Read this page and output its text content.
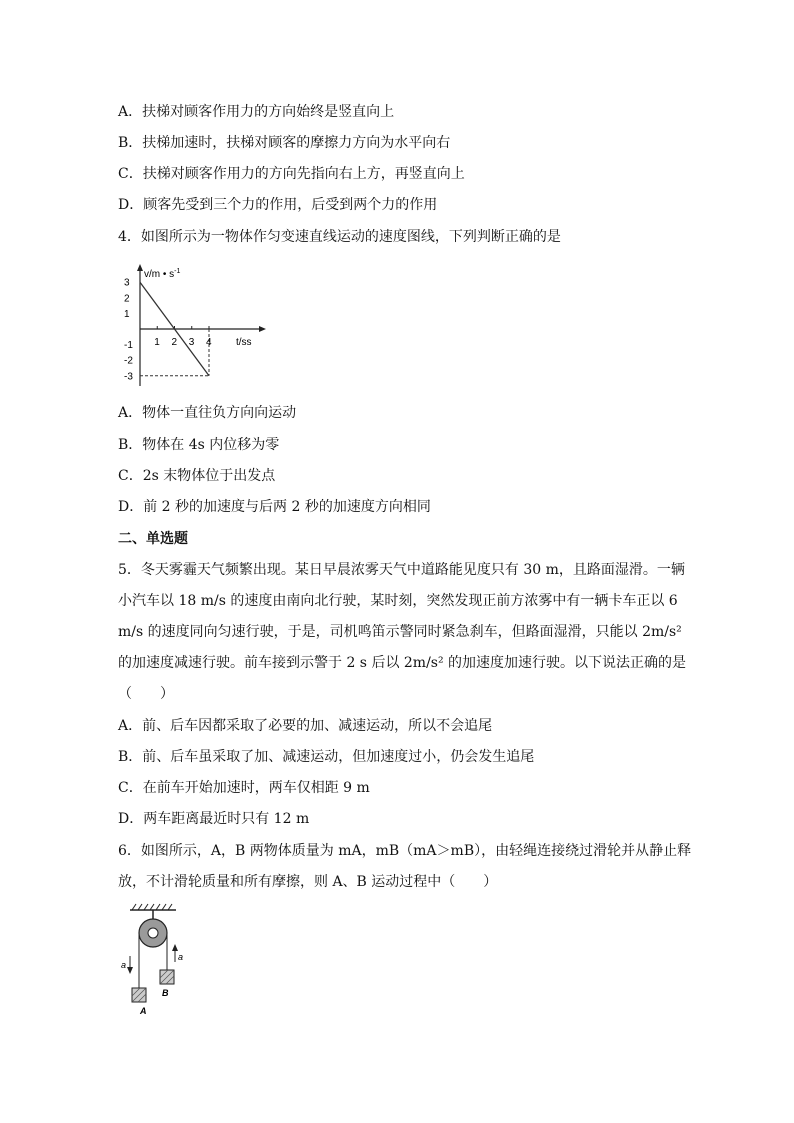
A．扶梯对顾客作用力的方向始终是竖直向上
B．扶梯加速时，扶梯对顾客的摩擦力方向为水平向右
C．扶梯对顾客作用力的方向先指向右上方，再竖直向上
D．顾客先受到三个力的作用，后受到两个力的作用
4．如图所示为一物体作匀变速直线运动的速度图线，下列判断正确的是
v/m • $s^{-1}$
t/ss
3
2
1
-1
-2
-3
1 2 3 4
A．物体一直往负方向向运动
B．物体在 4s 内位移为零
C．2s 末物体位于出发点
D．前 2 秒的加速度与后两 2 秒的加速度方向相同
二、单选题
5．冬天雾霾天气频繁出现。某日早晨浓雾天气中道路能见度只有 30 m，且路面湿滑。一辆
小汽车以 18 m/s 的速度由南向北行驶，某时刻，突然发现正前方浓雾中有一辆卡车正以 6
m/s 的速度同向匀速行驶，于是，司机鸣笛示警同时紧急刹车，但路面湿滑，只能以 2m/s²
的加速度减速行驶。前车接到示警于 2 s 后以 2m/s² 的加速度加速行驶。以下说法正确的是
（　　）
A．前、后车因都采取了必要的加、减速运动，所以不会追尾
B．前、后车虽采取了加、减速运动，但加速度过小，仍会发生追尾
C．在前车开始加速时，两车仅相距 9 m
D．两车距离最近时只有 12 m
6．如图所示，A，B 两物体质量为 mA，mB（mA＞mB），由轻绳连接绕过滑轮并从静止释
放，不计滑轮质量和所有摩擦，则 A、B 运动过程中（　　）
a
a
A
B
